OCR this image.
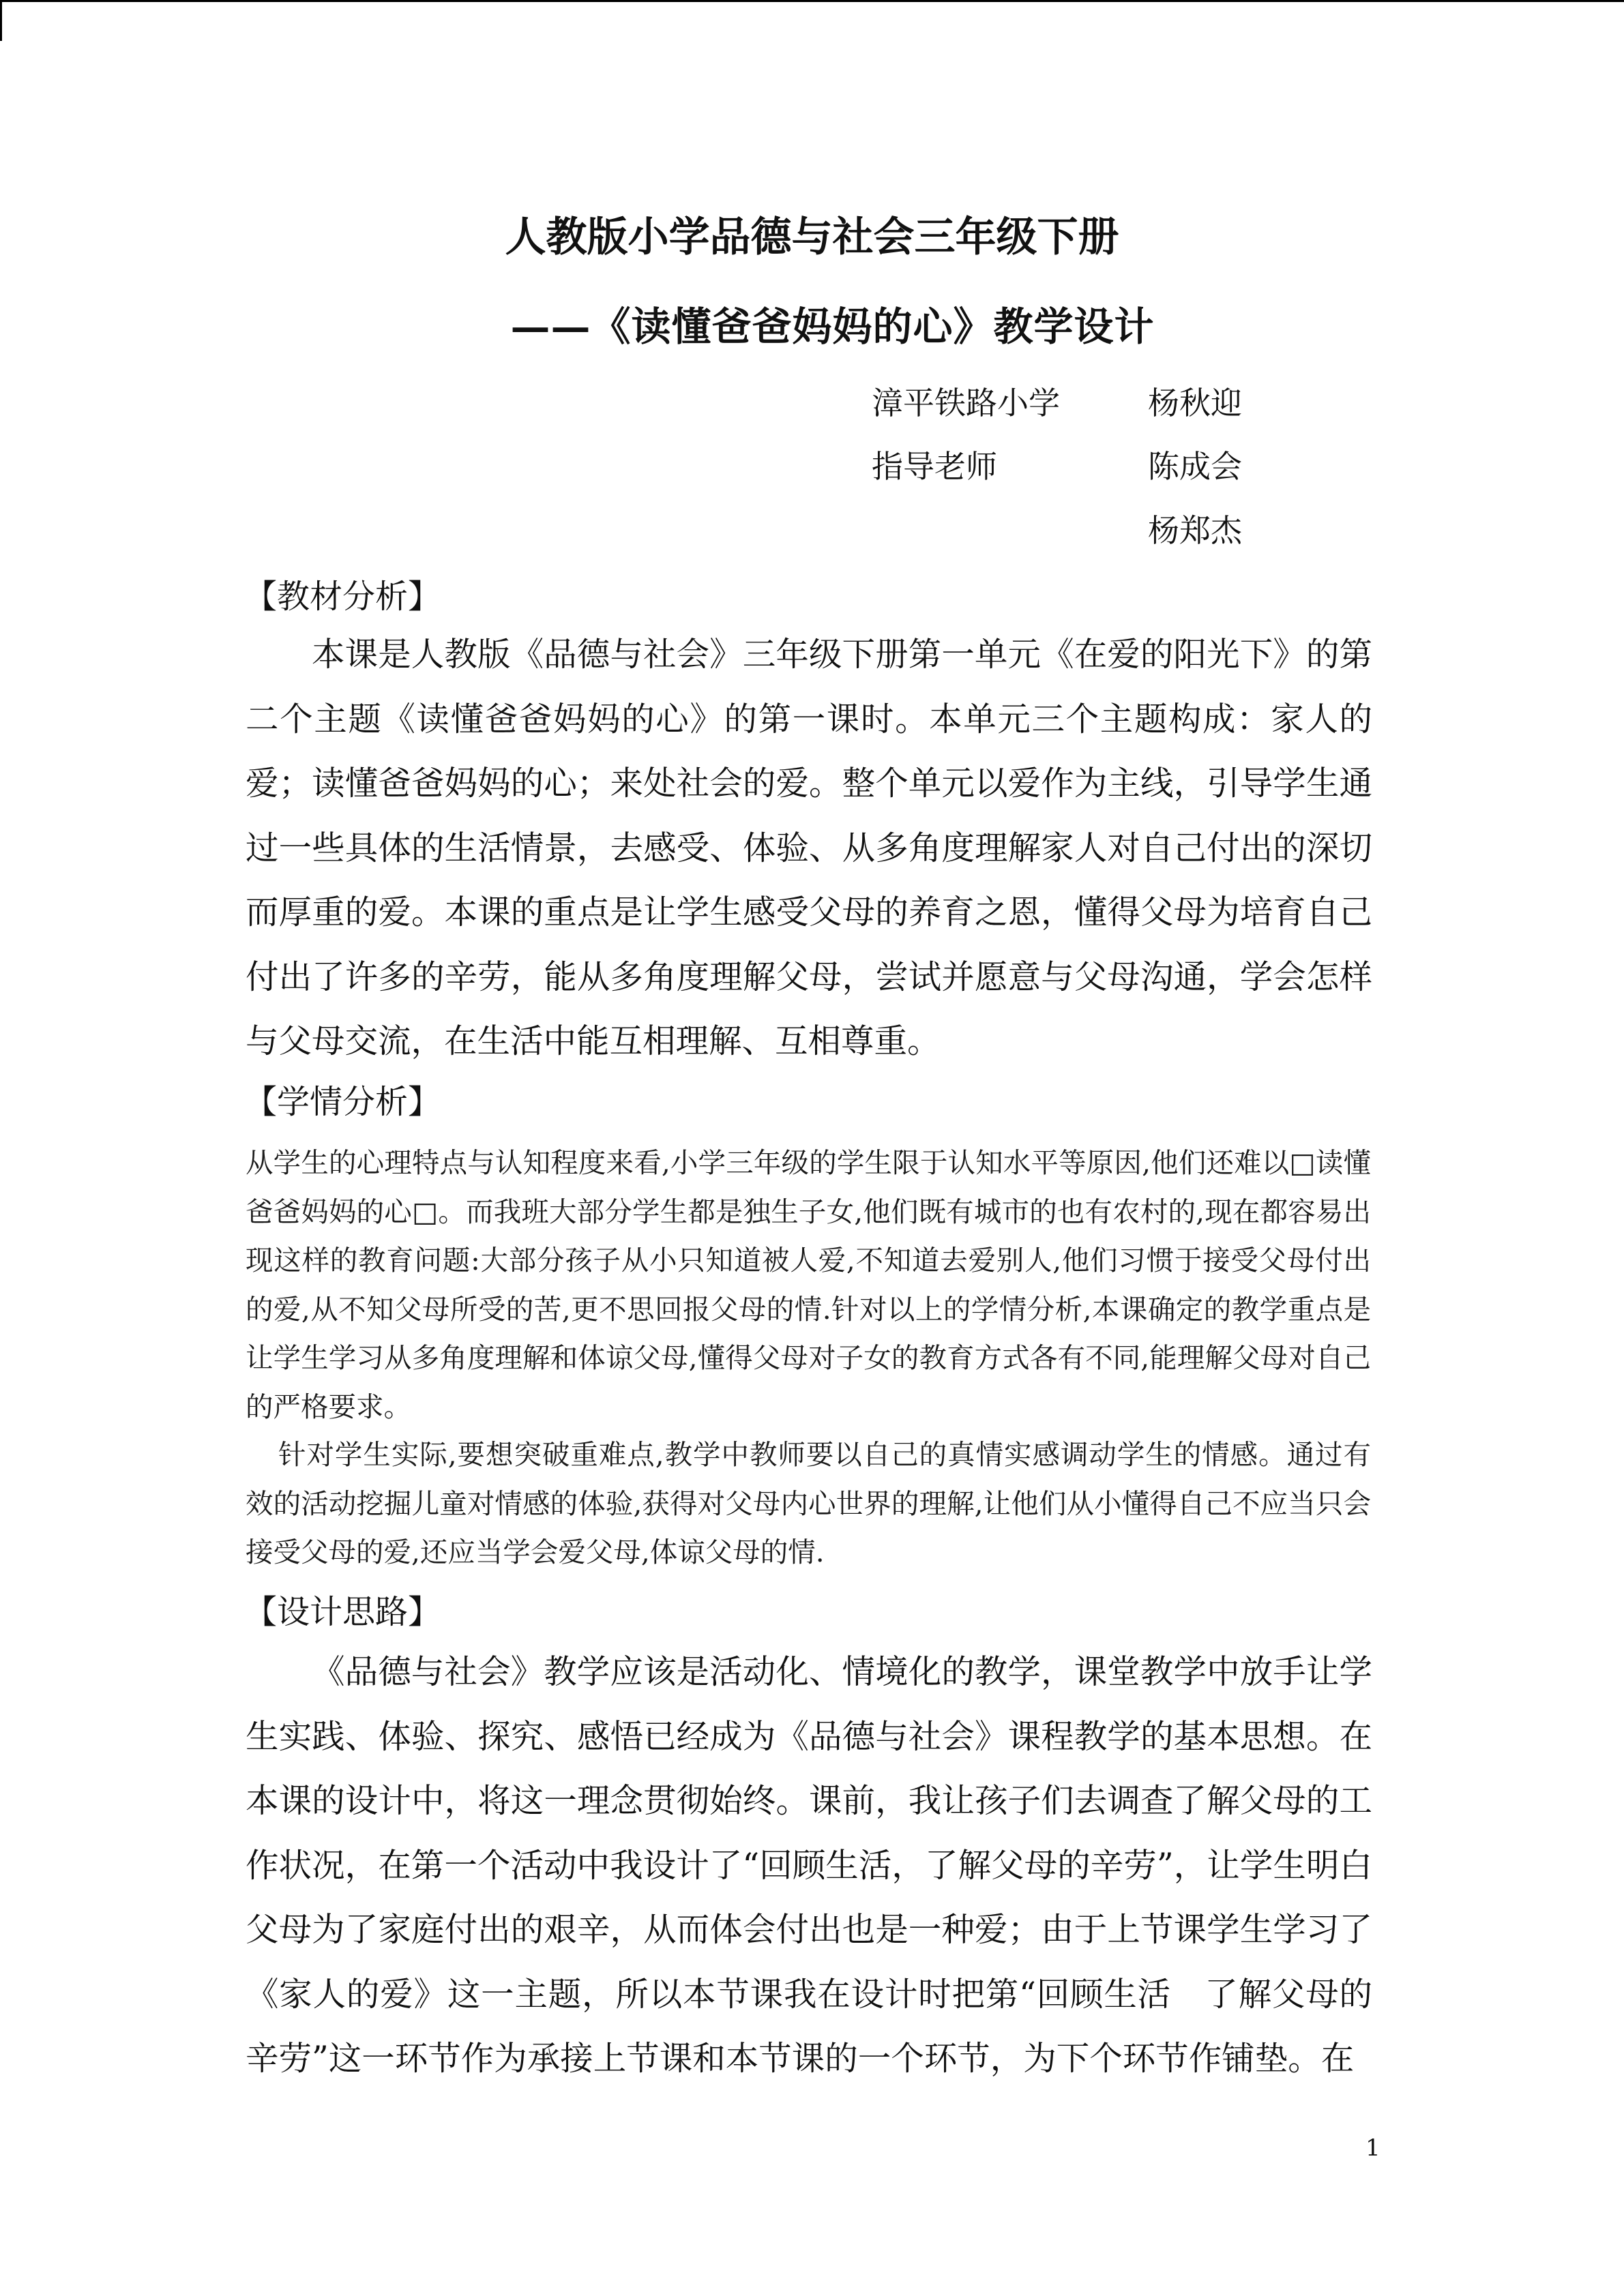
人教版小学品德与社会三年级下册
——《读懂爸爸妈妈的心》教学设计
漳平铁路小学	杨秋迎
指导老师	陈成会
杨郑杰
【教材分析】

本课是人教版《品德与社会》三年级下册第一单元《在爱的阳光下》的第二个主题《读懂爸爸妈妈的心》的第一课时。本单元三个主题构成：家人的爱；读懂爸爸妈妈的心；来处社会的爱。整个单元以爱作为主线，引导学生通过一些具体的生活情景，去感受、体验、从多角度理解家人对自己付出的深切而厚重的爱。本课的重点是让学生感受父母的养育之恩，懂得父母为培育自己付出了许多的辛劳，能从多角度理解父母，尝试并愿意与父母沟通，学会怎样与父母交流，在生活中能互相理解、互相尊重。

【学情分析】

从学生的心理特点与认知程度来看,小学三年级的学生限于认知水平等原因,他们还难以□读懂爸爸妈妈的心□。而我班大部分学生都是独生子女,他们既有城市的也有农村的,现在都容易出现这样的教育问题:大部分孩子从小只知道被人爱,不知道去爱别人,他们习惯于接受父母付出的爱,从不知父母所受的苦,更不思回报父母的情.针对以上的学情分析,本课确定的教学重点是让学生学习从多角度理解和体谅父母,懂得父母对子女的教育方式各有不同,能理解父母对自己的严格要求。

针对学生实际,要想突破重难点,教学中教师要以自己的真情实感调动学生的情感。通过有效的活动挖掘儿童对情感的体验,获得对父母内心世界的理解,让他们从小懂得自己不应当只会接受父母的爱,还应当学会爱父母,体谅父母的情.

【设计思路】

《品德与社会》教学应该是活动化、情境化的教学，课堂教学中放手让学生实践、体验、探究、感悟已经成为《品德与社会》课程教学的基本思想。在本课的设计中，将这一理念贯彻始终。课前，我让孩子们去调查了解父母的工作状况，在第一个活动中我设计了“回顾生活，了解父母的辛劳”，让学生明白父母为了家庭付出的艰辛，从而体会付出也是一种爱；由于上节课学生学习了《家人的爱》这一主题，所以本节课我在设计时把第“回顾生活　了解父母的辛劳”这一环节作为承接上节课和本节课的一个环节，为下个环节作铺垫。在

1
